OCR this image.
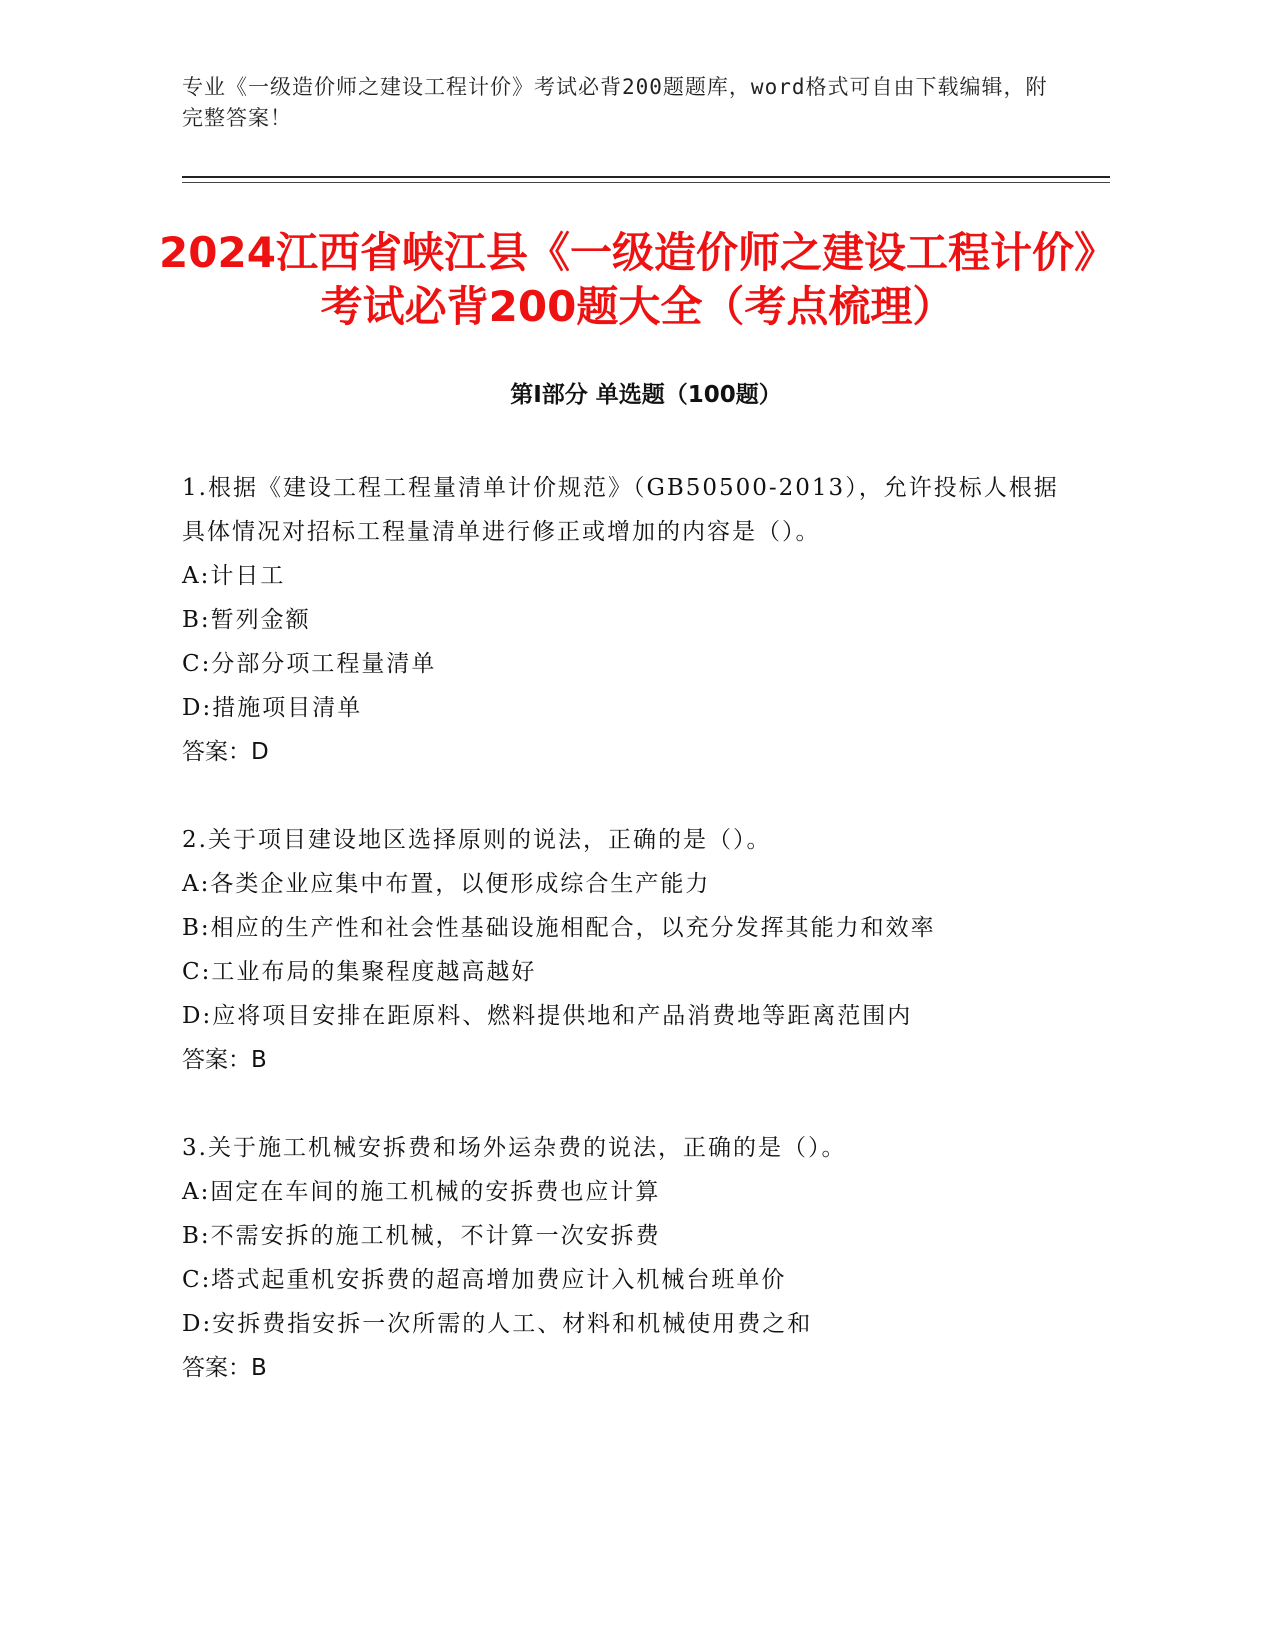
专业《一级造价师之建设工程计价》考试必背200题题库，word格式可自由下载编辑，附完整答案！
2024江西省峡江县《一级造价师之建设工程计价》考试必背200题大全（考点梳理）
第I部分 单选题（100题）
1.根据《建设工程工程量清单计价规范》（GB50500-2013），允许投标人根据具体情况对招标工程量清单进行修正或增加的内容是（）。
A:计日工
B:暂列金额
C:分部分项工程量清单
D:措施项目清单
答案：D
2.关于项目建设地区选择原则的说法，正确的是（）。
A:各类企业应集中布置，以便形成综合生产能力
B:相应的生产性和社会性基础设施相配合，以充分发挥其能力和效率
C:工业布局的集聚程度越高越好
D:应将项目安排在距原料、燃料提供地和产品消费地等距离范围内
答案：B
3.关于施工机械安拆费和场外运杂费的说法，正确的是（）。
A:固定在车间的施工机械的安拆费也应计算
B:不需安拆的施工机械，不计算一次安拆费
C:塔式起重机安拆费的超高增加费应计入机械台班单价
D:安拆费指安拆一次所需的人工、材料和机械使用费之和
答案：B
